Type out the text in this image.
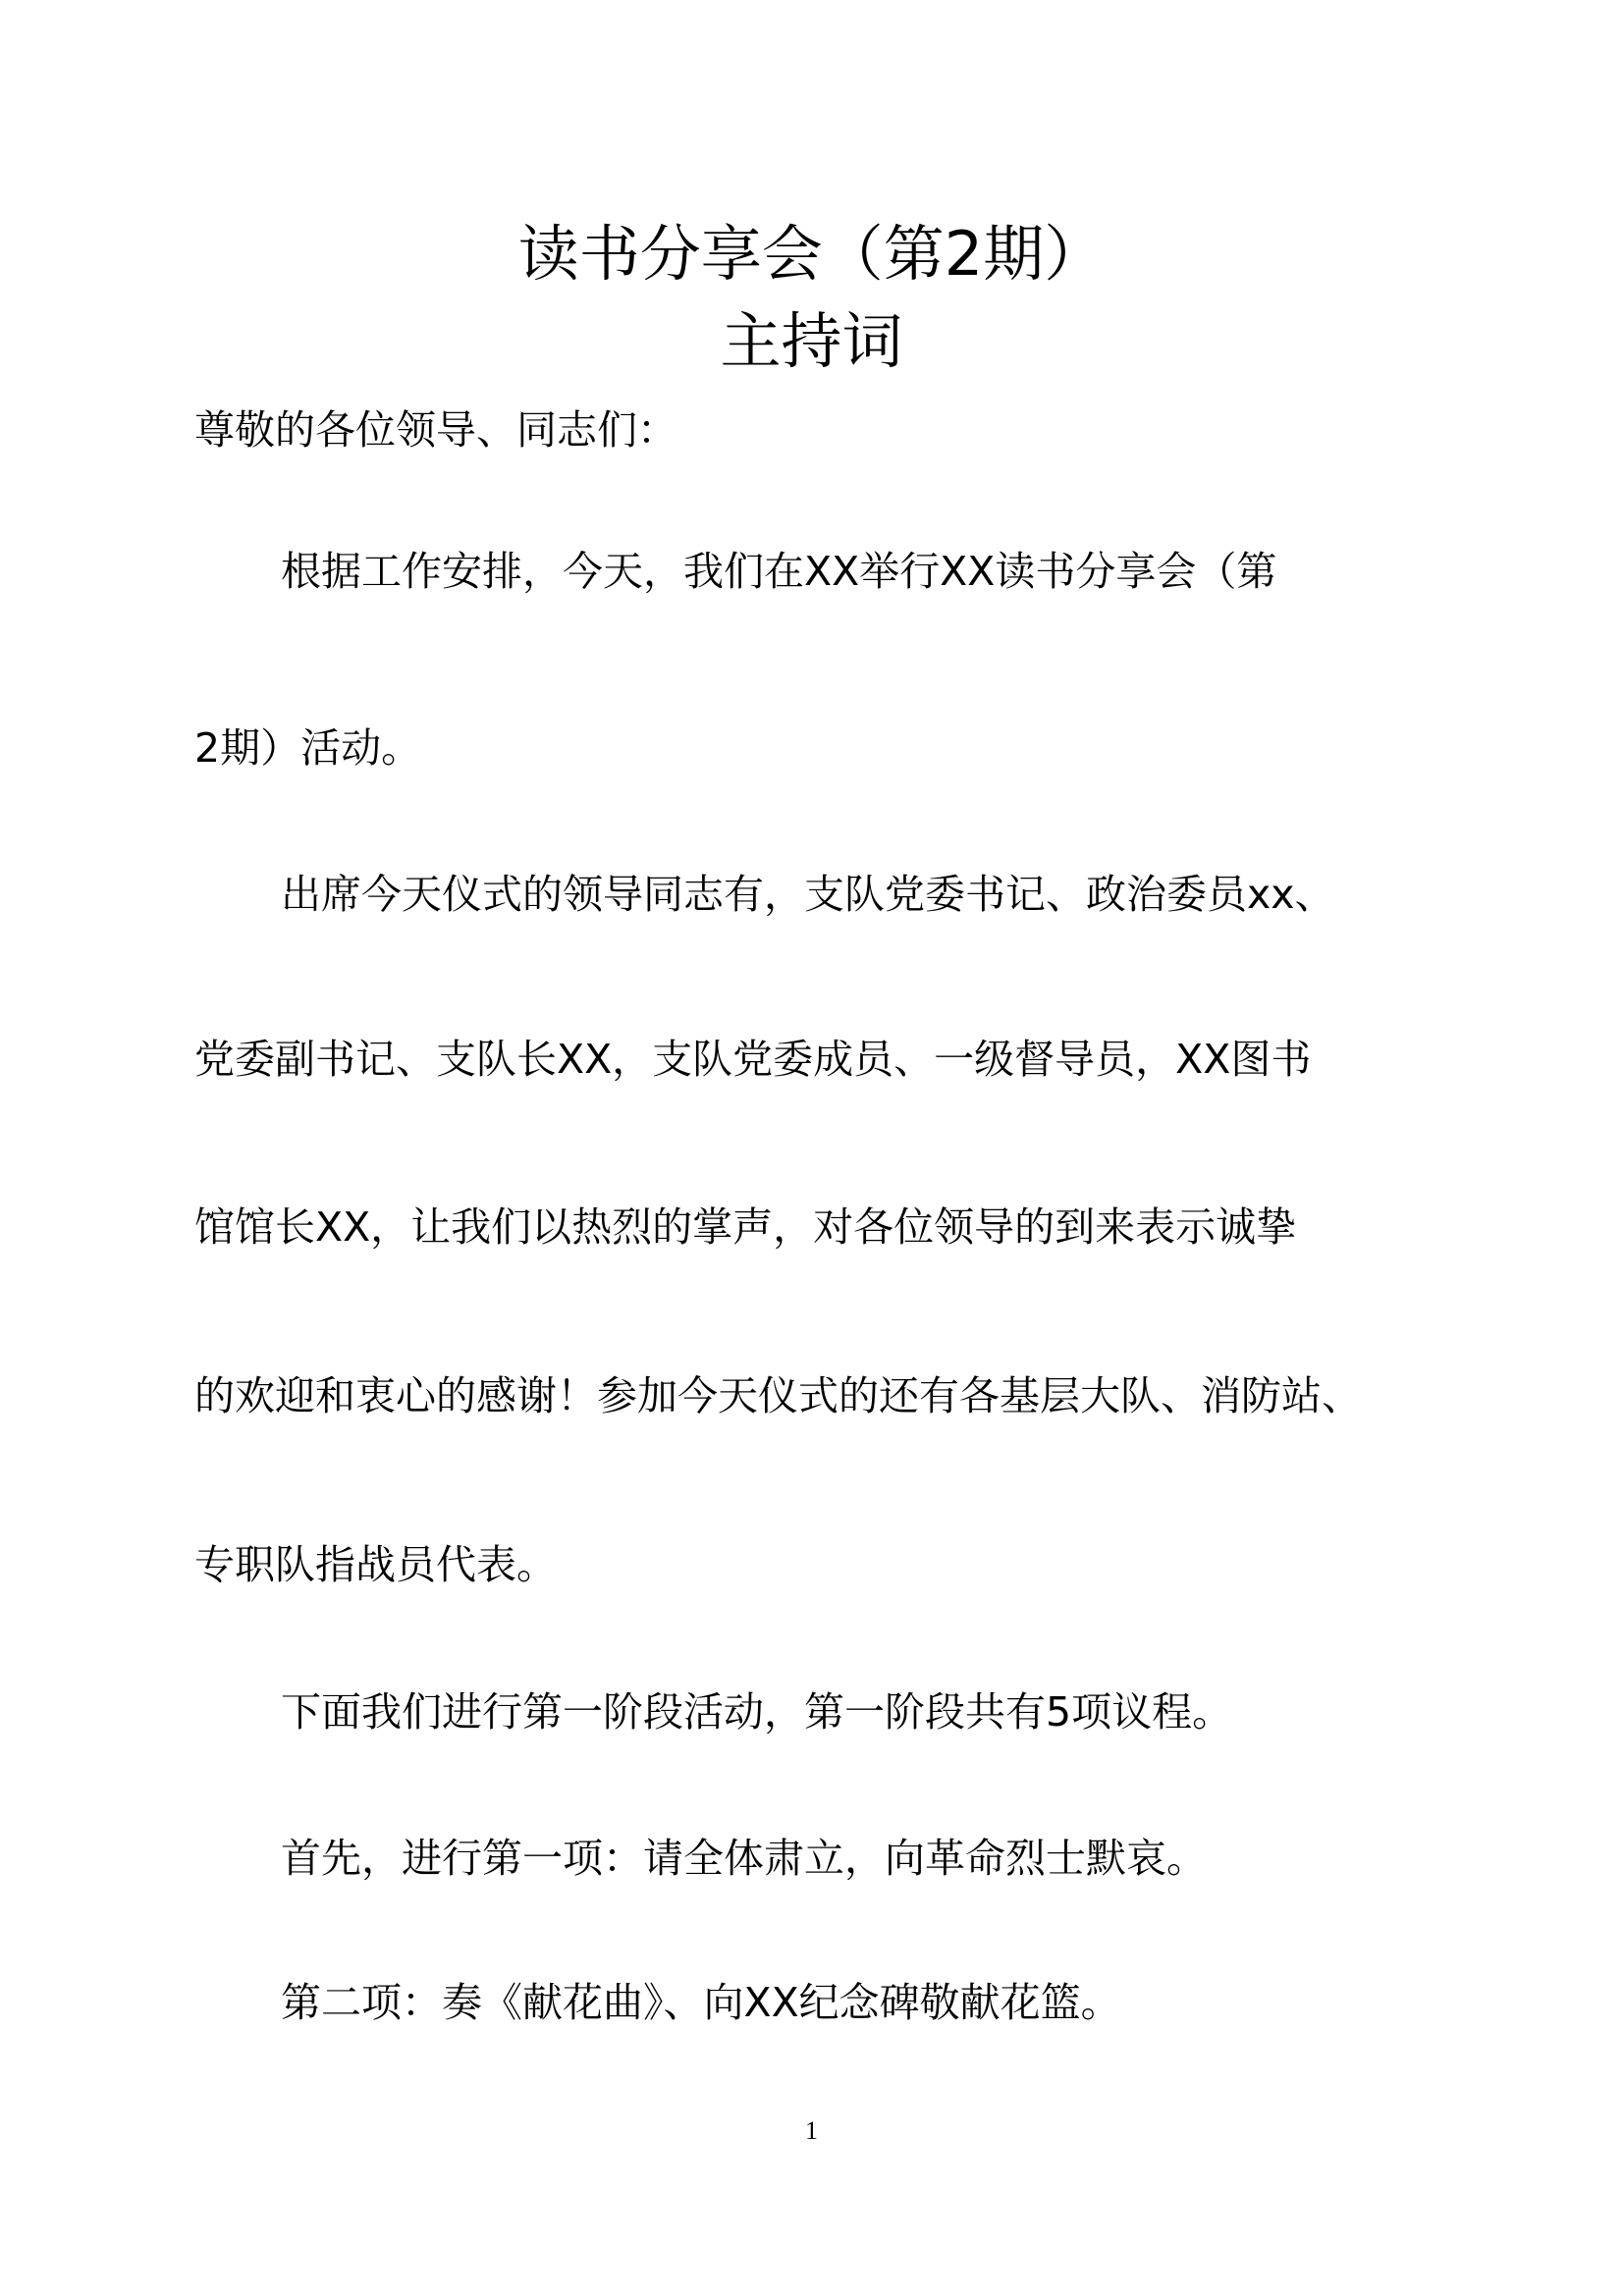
读书分享会（第2期）
主持词
尊敬的各位领导、同志们：
根据工作安排，今天，我们在XX举行XX读书分享会（第
2期）活动。
出席今天仪式的领导同志有，支队党委书记、政治委员xx、
党委副书记、支队长XX，支队党委成员、一级督导员，XX图书
馆馆长XX，让我们以热烈的掌声，对各位领导的到来表示诚挚
的欢迎和衷心的感谢！参加今天仪式的还有各基层大队、消防站、
专职队指战员代表。
下面我们进行第一阶段活动，第一阶段共有5项议程。
首先，进行第一项：请全体肃立，向革命烈士默哀。
第二项：奏《献花曲》、向XX纪念碑敬献花篮。
1
